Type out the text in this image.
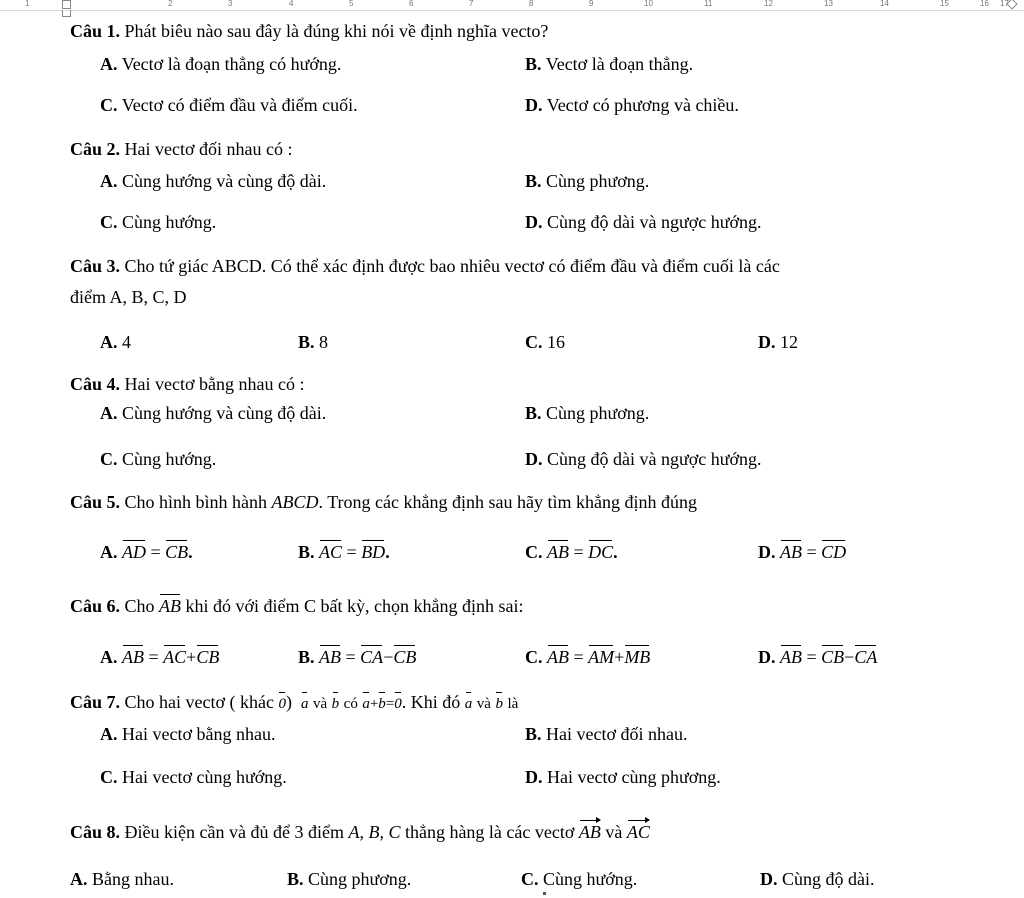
1	2	3	4	5	6	7	8	9	10	11	12	13	14	15	16 17
Câu 1. Phát biêu nào sau đây là đúng khi nói về định nghĩa vecto?
A. Vectơ là đoạn thẳng có hướng.	B. Vectơ là đoạn thẳng.
C. Vectơ có điểm đầu và điểm cuối.	D. Vectơ có phương và chiều.
Câu 2. Hai vectơ đối nhau có :
A. Cùng hướng và cùng độ dài.	B. Cùng phương.
C. Cùng hướng.	D. Cùng độ dài và ngược hướng.
Câu 3. Cho tứ giác ABCD. Có thể xác định được bao nhiêu vectơ có điểm đầu và điểm cuối là các
điểm A, B, C, D
A. 4	B. 8	C. 16	D. 12
Câu 4. Hai vectơ bằng nhau có :
A. Cùng hướng và cùng độ dài.	B. Cùng phương.
C. Cùng hướng.	D. Cùng độ dài và ngược hướng.
Câu 5. Cho hình bình hành ABCD. Trong các khẳng định sau hãy tìm khẳng định đúng
A. AD = CB.	B. AC = BD.	C. AB = DC.	D. AB = CD
Câu 6. Cho AB khi đó với điểm C bất kỳ, chọn khẳng định sai:
A. AB = AC+CB	B. AB = CA−CB	C. AB = AM+MB	D. AB = CB−CA
Câu 7. Cho hai vectơ ( khác 0) a và b có a+b=0. Khi đó a và b là
A. Hai vectơ bằng nhau.	B. Hai vectơ đối nhau.
C. Hai vectơ cùng hướng.	D. Hai vectơ cùng phương.
Câu 8. Điều kiện cần và đủ để 3 điểm A, B, C thẳng hàng là các vectơ AB và AC
A. Bằng nhau.	B. Cùng phương.	C. Cùng hướng.	D. Cùng độ dài.
